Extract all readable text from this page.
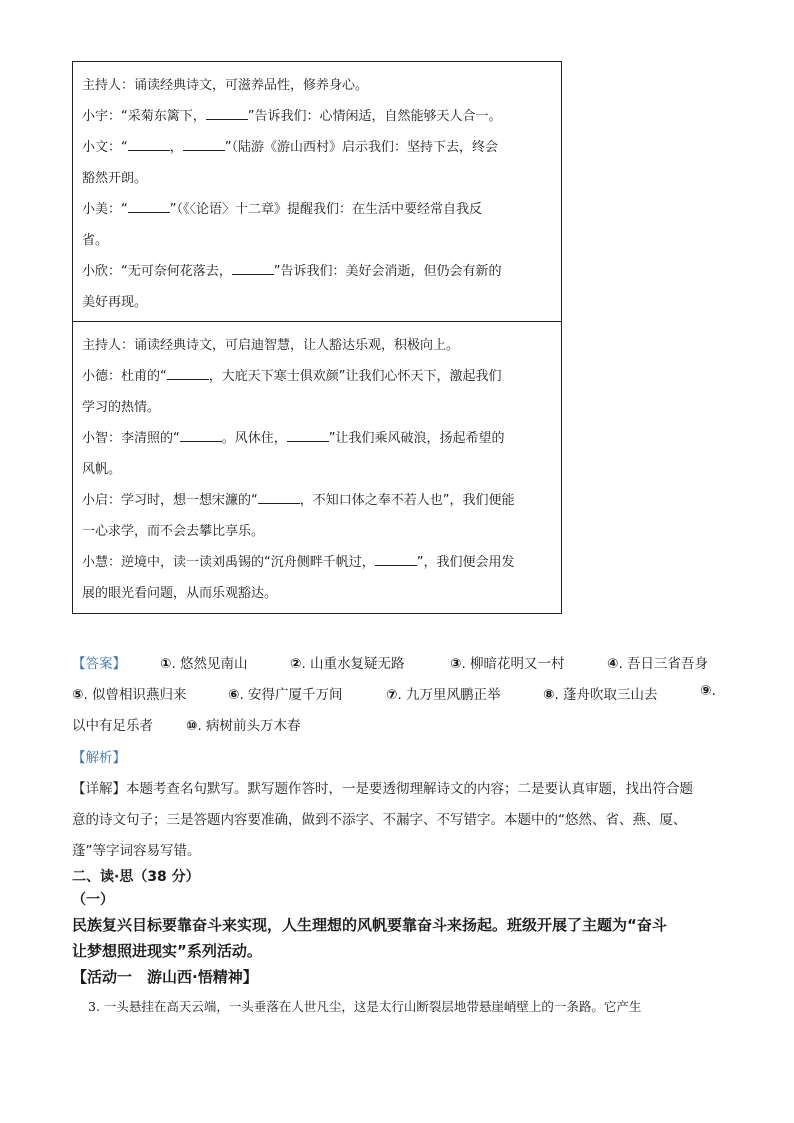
主持人：诵读经典诗文，可滋养品性，修养身心。
小宇：“采菊东篱下，	”告诉我们：心情闲适，自然能够天人合一。
小文：“	，	”（陆游《游山西村》启示我们：坚持下去，终会
豁然开朗。
小美：“	”（《〈论语〉十二章》提醒我们：在生活中要经常自我反
省。
小欣：“无可奈何花落去，	”告诉我们：美好会消逝，但仍会有新的
美好再现。
主持人：诵读经典诗文，可启迪智慧，让人豁达乐观，积极向上。
小德：杜甫的“	，大庇天下寒士俱欢颜”让我们心怀天下，激起我们
学习的热情。
小智：李清照的“	。风休住，	”让我们乘风破浪，扬起希望的
风帆。
小启：学习时，想一想宋濂的“	，不知口体之奉不若人也”，我们便能
一心求学，而不会去攀比享乐。
小慧：逆境中，读一读刘禹锡的“沉舟侧畔千帆过，	”，我们便会用发
展的眼光看问题，从而乐观豁达。
【答案】	①. 悠然见南山	②. 山重水复疑无路	③. 柳暗花明又一村	④. 吾日三省吾身
⑤. 似曾相识燕归来	⑥. 安得广厦千万间	⑦. 九万里风鹏正举	⑧. 蓬舟吹取三山去	⑨.
以中有足乐者 ⑩. 病树前头万木春
【解析】
【详解】本题考查名句默写。默写题作答时，一是要透彻理解诗文的内容；二是要认真审题，找出符合题
意的诗文句子；三是答题内容要准确，做到不添字、不漏字、不写错字。本题中的“悠然、省、燕、厦、
蓬”等字词容易写错。
二、读·思（38 分）
（一）
民族复兴目标要靠奋斗来实现，人生理想的风帆要靠奋斗来扬起。班级开展了主题为“奋斗
让梦想照进现实”系列活动。
【活动一　游山西·悟精神】
3. 一头悬挂在高天云端，一头垂落在人世凡尘，这是太行山断裂层地带悬崖峭壁上的一条路。它产生
